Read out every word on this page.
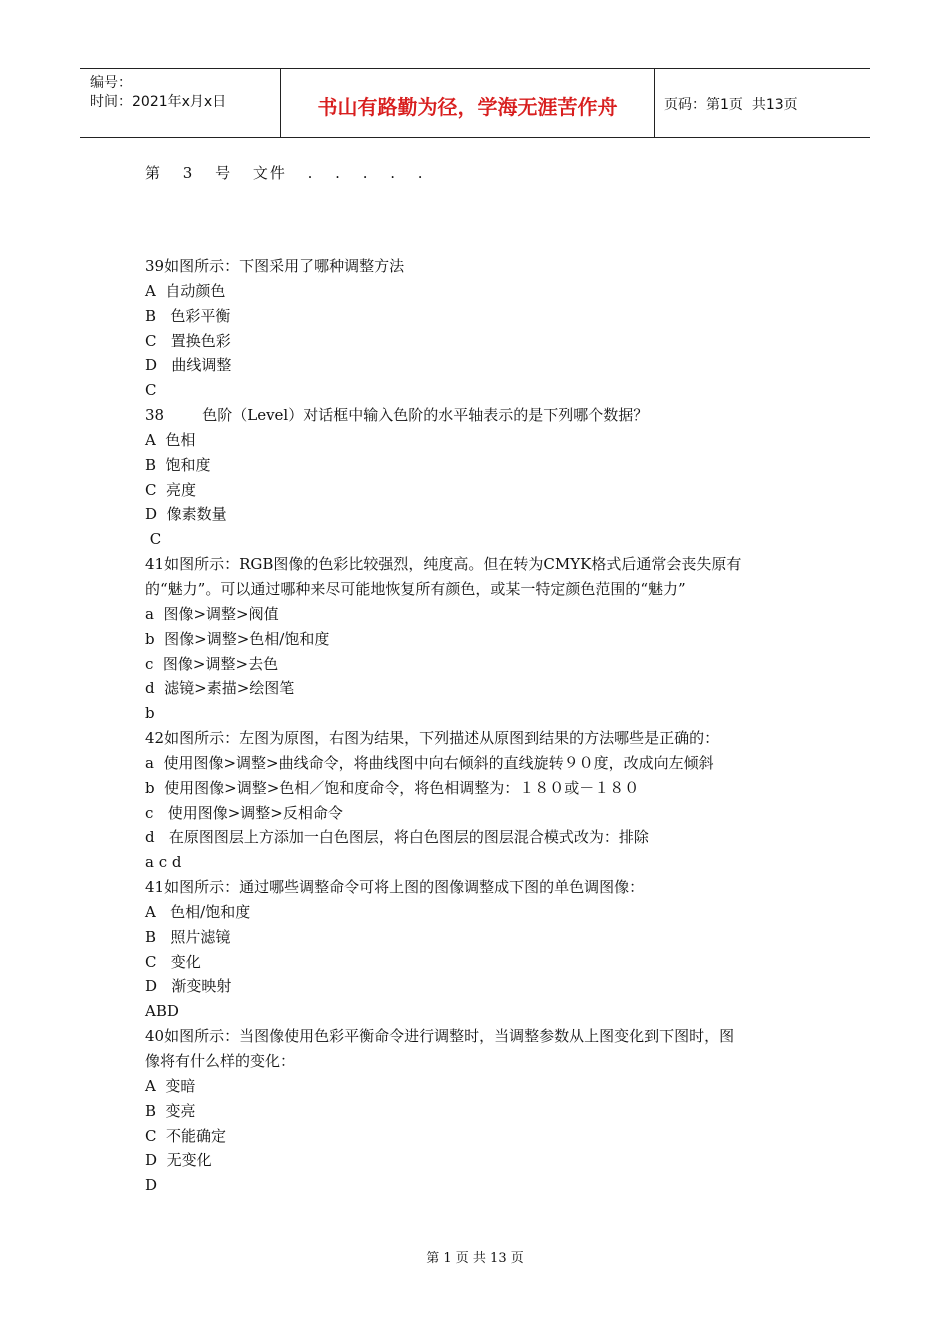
编号：
时间：2021年x月x日	书山有路勤为径，学海无涯苦作舟	页码：第1页  共13页
第 3 号 文件 . . . . .
39如图所示：下图采用了哪种调整方法
A  自动颜色
B   色彩平衡
C   置换色彩
D   曲线调整
C
38        色阶（Level）对话框中输入色阶的水平轴表示的是下列哪个数据？
A  色相
B  饱和度
C  亮度
D  像素数量
C
41如图所示：RGB图像的色彩比较强烈，纯度高。但在转为CMYK格式后通常会丧失原有
的“魅力”。可以通过哪种来尽可能地恢复所有颜色，或某一特定颜色范围的“魅力”
a  图像>调整>阀值
b  图像>调整>色相/饱和度
c  图像>调整>去色
d  滤镜>素描>绘图笔
b
42如图所示：左图为原图，右图为结果，下列描述从原图到结果的方法哪些是正确的：
a  使用图像>调整>曲线命令，将曲线图中向右倾斜的直线旋转９０度，改成向左倾斜
b  使用图像>调整>色相／饱和度命令，将色相调整为：１８０或－１８０
c   使用图像>调整>反相命令
d   在原图图层上方添加一白色图层，将白色图层的图层混合模式改为：排除
a c d
41如图所示：通过哪些调整命令可将上图的图像调整成下图的单色调图像：
A   色相/饱和度
B   照片滤镜
C   变化
D   渐变映射
ABD
40如图所示：当图像使用色彩平衡命令进行调整时，当调整参数从上图变化到下图时，图
像将有什么样的变化：
A  变暗
B  变亮
C  不能确定
D  无变化
D
第 1 页 共 13 页
